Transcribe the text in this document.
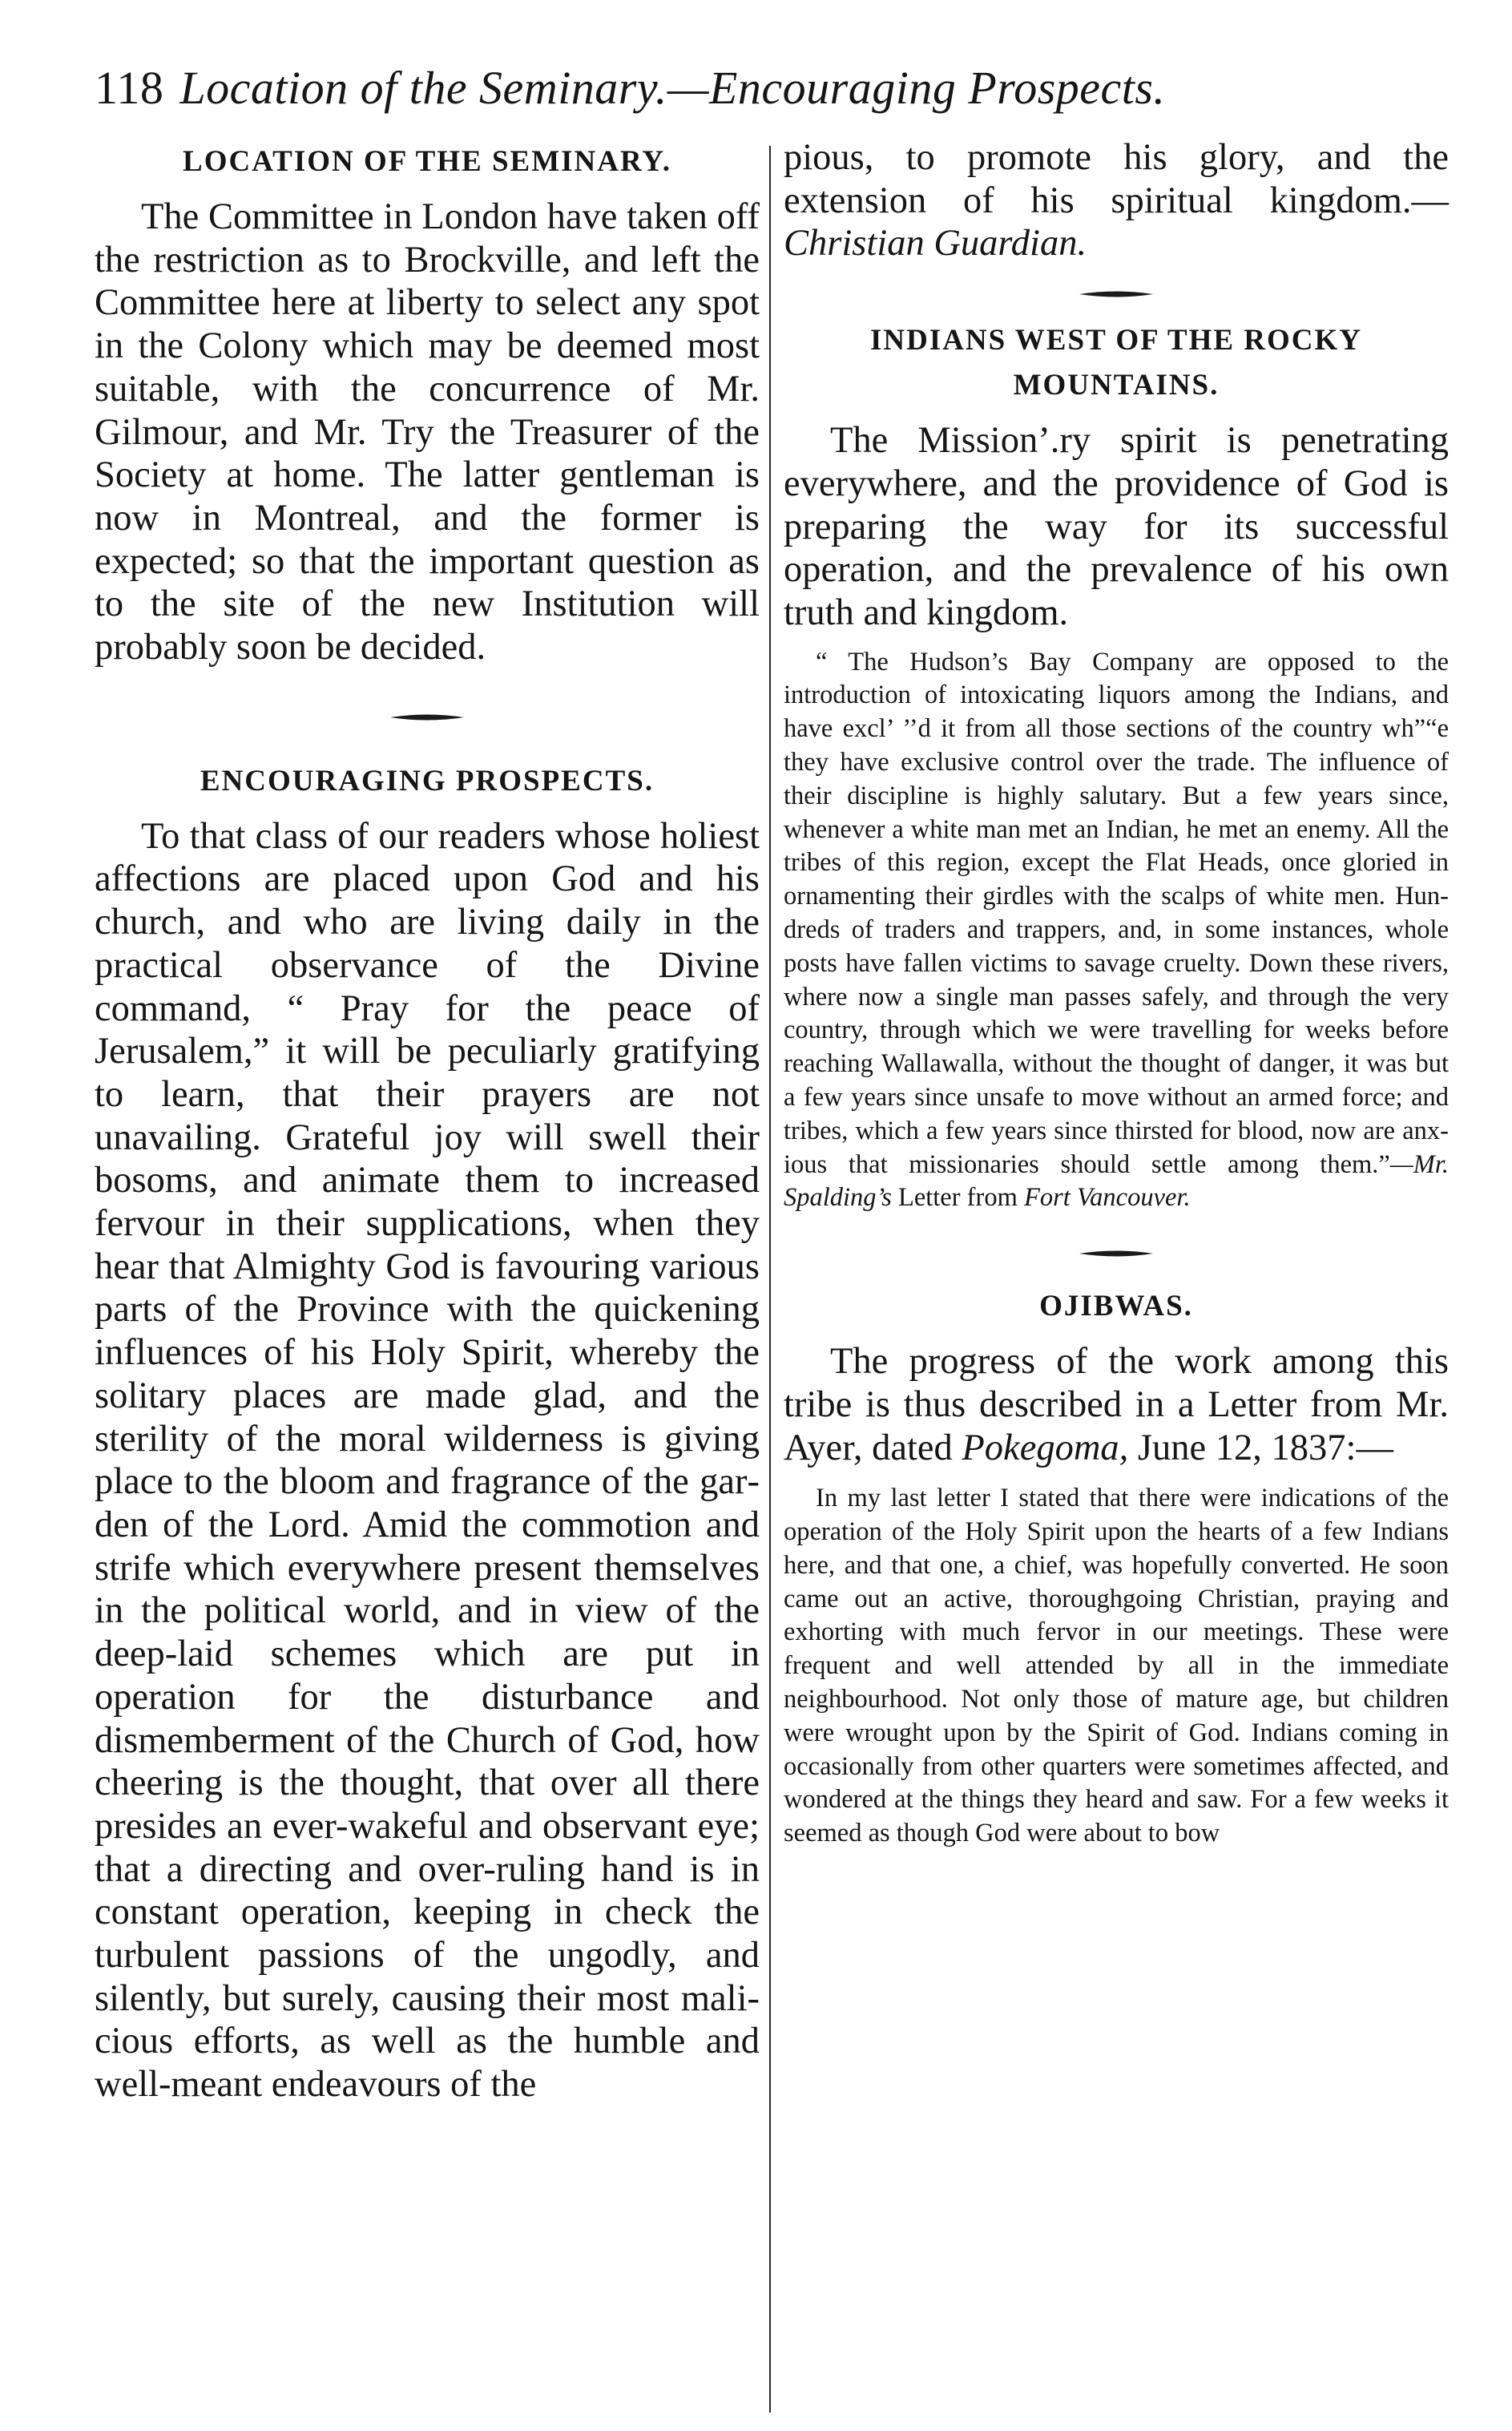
118 Location of the Seminary.—Encouraging Prospects.
LOCATION OF THE SEMINARY.

The Committee in London have taken off the restriction as to Brockville, and left the Committee here at liberty to select any spot in the Colony which may be deemed most suitable, with the concurrence of Mr. Gilmour, and Mr. Try the Treasurer of the Society at home. The latter gentleman is now in Montreal, and the former is expected; so that the important question as to the site of the new Institution will probably soon be decided.

ENCOURAGING PROSPECTS.

To that class of our readers whose holiest affections are placed upon God and his church, and who are living daily in the practical observance of the Divine command, “ Pray for the peace of Jerusalem,” it will be peculiarly gratifying to learn, that their prayers are not unavailing. Grateful joy will swell their bosoms, and animate them to increased fervour in their supplications, when they hear that Almighty God is favouring various parts of the Province with the quickening influences of his Holy Spirit, whereby the solitary places are made glad, and the sterility of the moral wilderness is giving place to the bloom and fragrance of the garden of the Lord. Amid the commotion and strife which everywhere present themselves in the political world, and in view of the deep-laid schemes which are put in operation for the disturbance and dismemberment of the Church of God, how cheering is the thought, that over all there presides an ever-wakeful and observant eye; that a directing and over-ruling hand is in constant operation, keeping in check the turbulent passions of the ungodly, and silently, but surely, causing their most malicious efforts, as well as the humble and well-meant endeavours of the

pious, to promote his glory, and the extension of his spiritual kingdom.— Christian Guardian.

INDIANS WEST OF THE ROCKY
MOUNTAINS.

The Mission’.ry spirit is penetrating everywhere, and the providence of God is preparing the way for its successful operation, and the prevalence of his own truth and kingdom.

“ The Hudson’s Bay Company are opposed to the introduction of intoxicating liquors among the Indians, and have excl’ ’’d it from all those sections of the country wh”“e they have exclusive control over the trade. The influence of their discipline is highly salutary. But a few years since, whenever a white man met an Indian, he met an enemy. All the tribes of this region, except the Flat Heads, once gloried in ornamenting their girdles with the scalps of white men. Hundreds of traders and trappers, and, in some instances, whole posts have fallen victims to savage cruelty. Down these rivers, where now a single man passes safely, and through the very country, through which we were travelling for weeks before reaching Wallawalla, without the thought of danger, it was but a few years since unsafe to move without an armed force; and tribes, which a few years since thirsted for blood, now are anxious that missionaries should settle among them.”—Mr. Spalding’s Letter from Fort Vancouver.

OJIBWAS.

The progress of the work among this tribe is thus described in a Letter from Mr. Ayer, dated Pokegoma, June 12, 1837:—

In my last letter I stated that there were indications of the operation of the Holy Spirit upon the hearts of a few Indians here, and that one, a chief, was hopefully converted. He soon came out an active, thoroughgoing Christian, praying and exhorting with much fervor in our meetings. These were frequent and well attended by all in the immediate neighbourhood. Not only those of mature age, but children were wrought upon by the Spirit of God. Indians coming in occasionally from other quarters were sometimes affected, and wondered at the things they heard and saw. For a few weeks it seemed as though God were about to bow
